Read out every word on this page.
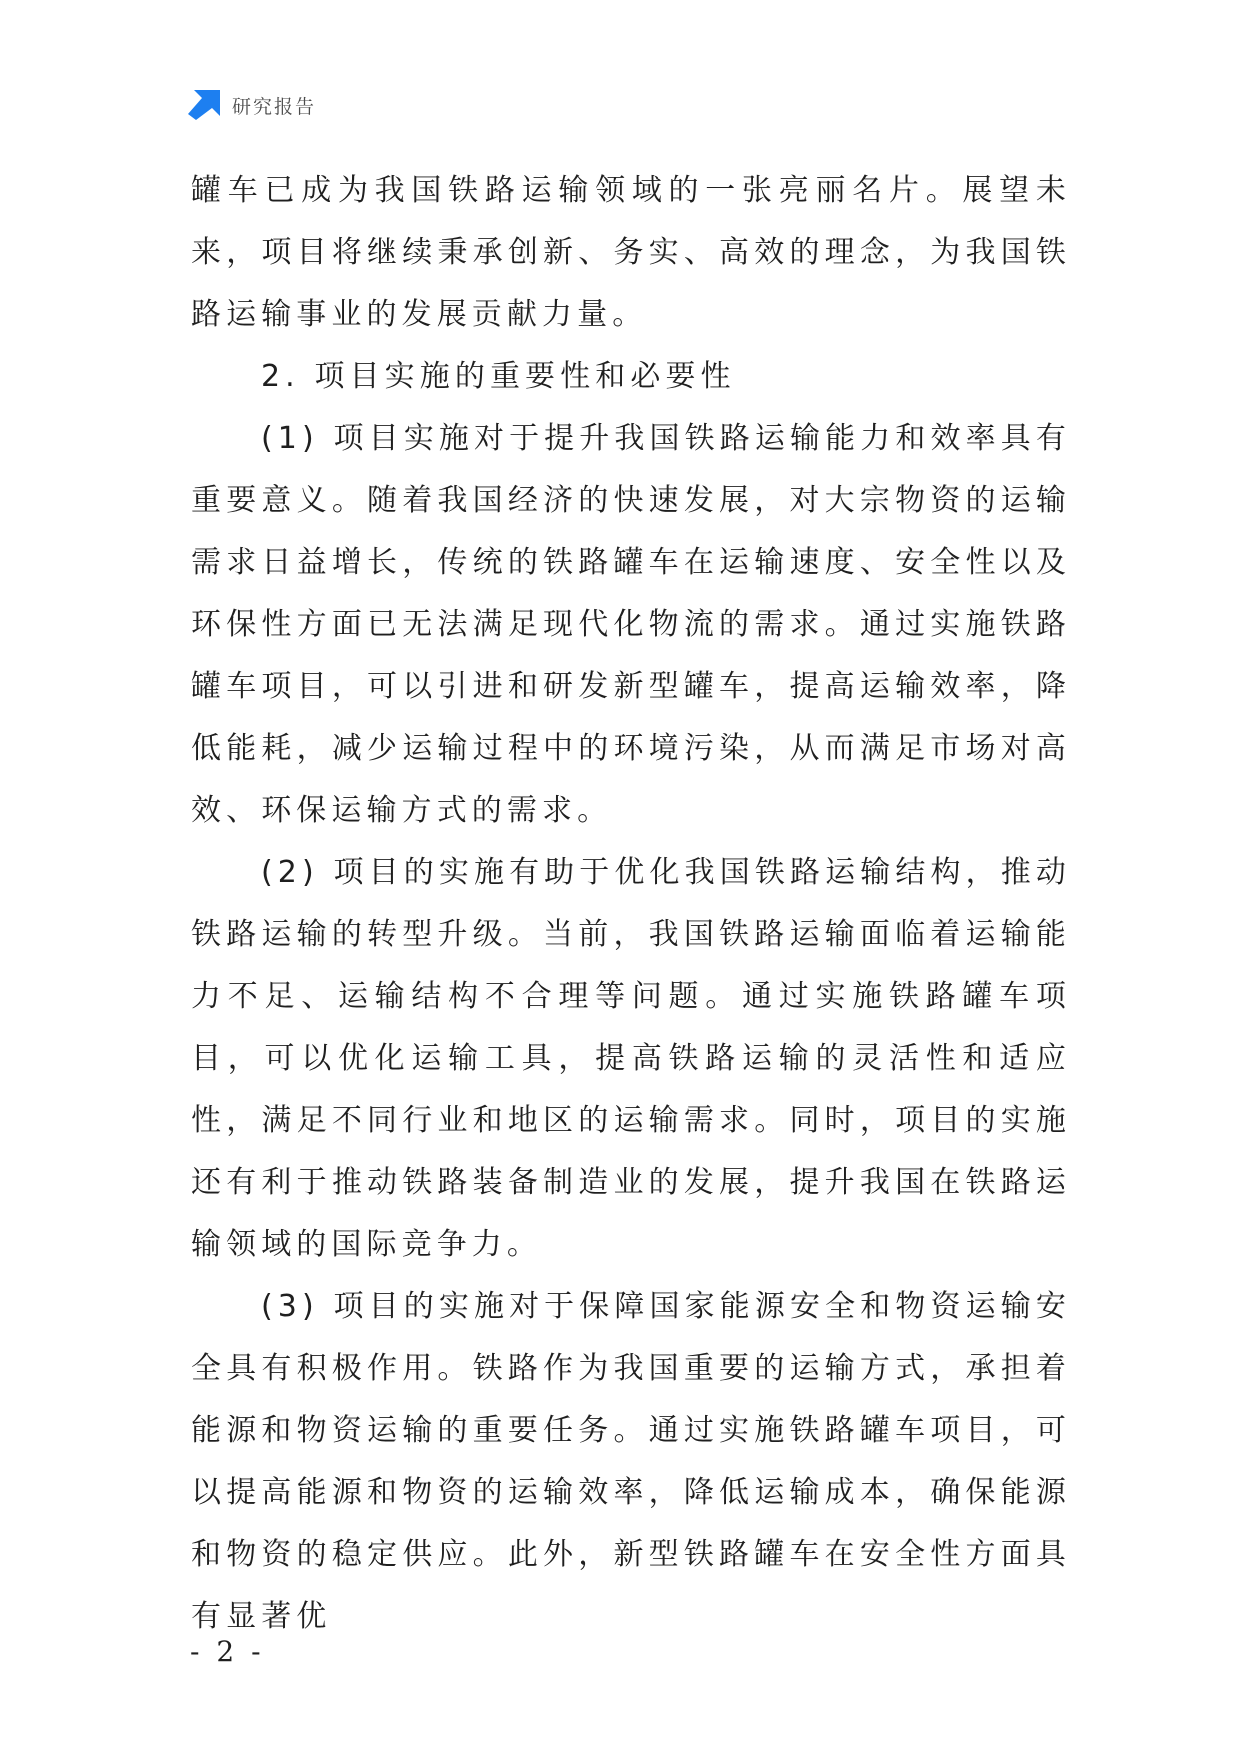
研究报告

罐车已成为我国铁路运输领域的一张亮丽名片。展望未来，项目将继续秉承创新、务实、高效的理念，为我国铁路运输事业的发展贡献力量。

2. 项目实施的重要性和必要性

(1) 项目实施对于提升我国铁路运输能力和效率具有重要意义。随着我国经济的快速发展，对大宗物资的运输需求日益增长，传统的铁路罐车在运输速度、安全性以及环保性方面已无法满足现代化物流的需求。通过实施铁路罐车项目，可以引进和研发新型罐车，提高运输效率，降低能耗，减少运输过程中的环境污染，从而满足市场对高效、环保运输方式的需求。

(2) 项目的实施有助于优化我国铁路运输结构，推动铁路运输的转型升级。当前，我国铁路运输面临着运输能力不足、运输结构不合理等问题。通过实施铁路罐车项目，可以优化运输工具，提高铁路运输的灵活性和适应性，满足不同行业和地区的运输需求。同时，项目的实施还有利于推动铁路装备制造业的发展，提升我国在铁路运输领域的国际竞争力。

(3) 项目的实施对于保障国家能源安全和物资运输安全具有积极作用。铁路作为我国重要的运输方式，承担着能源和物资运输的重要任务。通过实施铁路罐车项目，可以提高能源和物资的运输效率，降低运输成本，确保能源和物资的稳定供应。此外，新型铁路罐车在安全性方面具有显著优

- 2 -
